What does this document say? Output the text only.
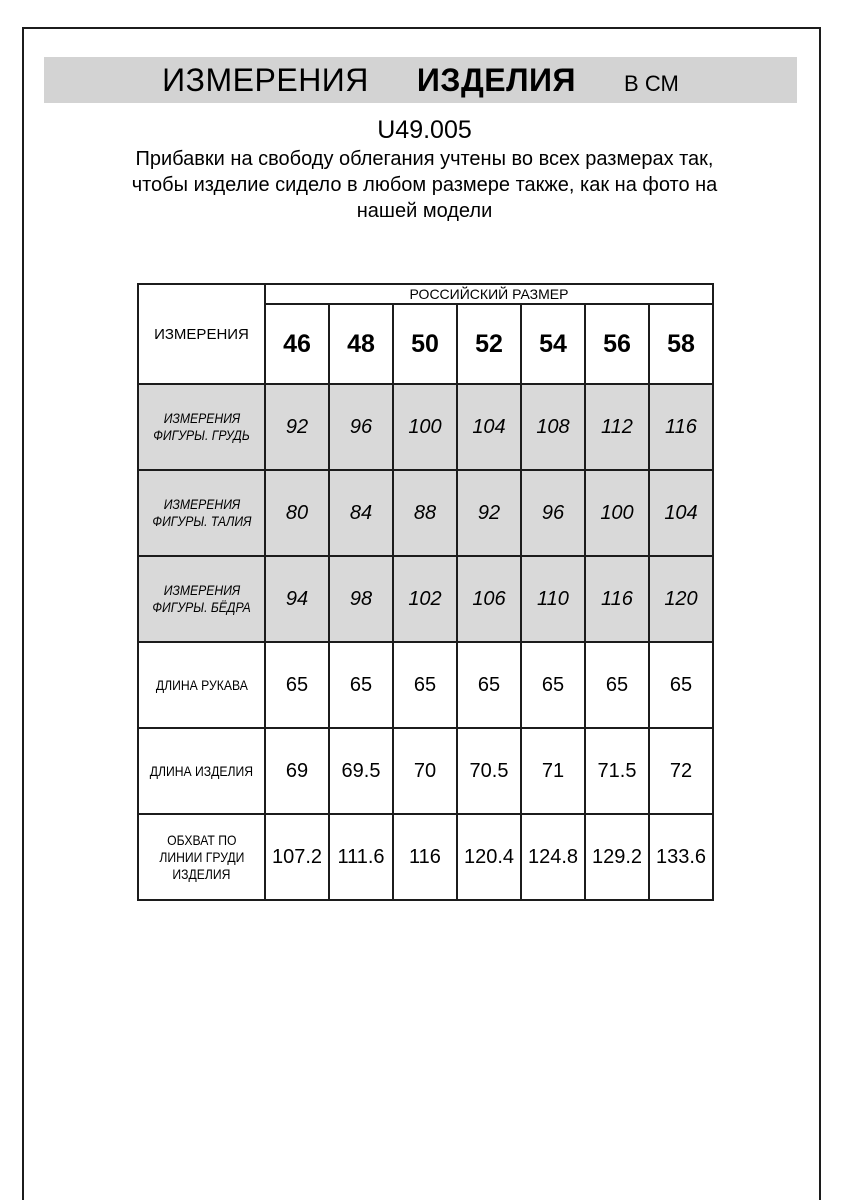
ИЗМЕРЕНИЯ ИЗДЕЛИЯ В СМ
U49.005
Прибавки на свободу облегания учтены во всех размерах так,
чтобы изделие сидело в любом размере также, как на фото на
нашей модели
ИЗМЕРЕНИЯ	РОССИЙСКИЙ РАЗМЕР						
	46	48	50	52	54	56	58
ИЗМЕРЕНИЯФИГУРЫ. ГРУДЬ	92	96	100	104	108	112	116
ИЗМЕРЕНИЯФИГУРЫ. ТАЛИЯ	80	84	88	92	96	100	104
ИЗМЕРЕНИЯФИГУРЫ. БЁДРА	94	98	102	106	110	116	120
ДЛИНА РУКАВА	65	65	65	65	65	65	65
ДЛИНА ИЗДЕЛИЯ	69	69.5	70	70.5	71	71.5	72
ОБХВАТ ПОЛИНИИ ГРУДИИЗДЕЛИЯ	107.2	111.6	116	120.4	124.8	129.2	133.6
